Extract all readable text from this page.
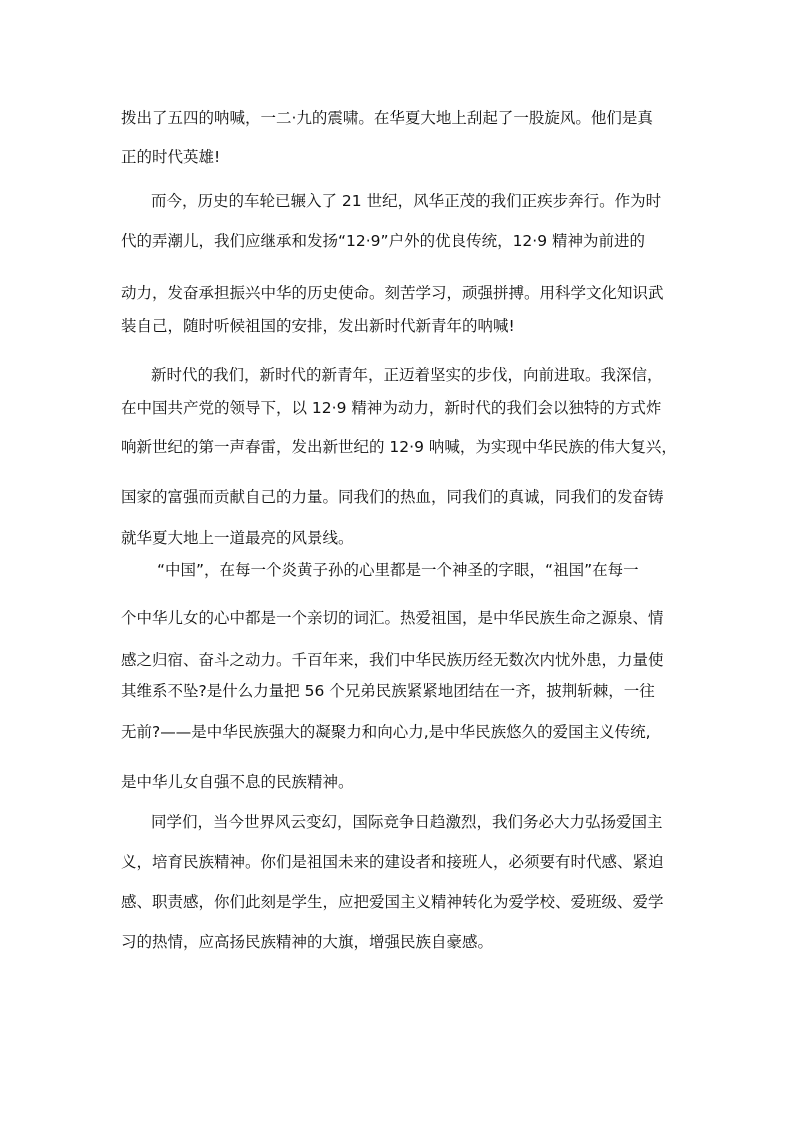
拨出了五四的呐喊，一二·九的震啸。在华夏大地上刮起了一股旋风。他们是真
正的时代英雄!
而今，历史的车轮已辗入了 21 世纪，风华正茂的我们正疾步奔行。作为时
代的弄潮儿，我们应继承和发扬“12·9”户外的优良传统，12·9 精神为前进的
动力，发奋承担振兴中华的历史使命。刻苦学习，顽强拼搏。用科学文化知识武
装自己，随时听候祖国的安排，发出新时代新青年的呐喊!
新时代的我们，新时代的新青年，正迈着坚实的步伐，向前进取。我深信，
在中国共产党的领导下，以 12·9 精神为动力，新时代的我们会以独特的方式炸
响新世纪的第一声春雷，发出新世纪的 12·9 呐喊，为实现中华民族的伟大复兴，
国家的富强而贡献自己的力量。同我们的热血，同我们的真诚，同我们的发奋铸
就华夏大地上一道最亮的风景线。
“中国”，在每一个炎黄子孙的心里都是一个神圣的字眼，“祖国”在每一
个中华儿女的心中都是一个亲切的词汇。热爱祖国，是中华民族生命之源泉、情
感之归宿、奋斗之动力。千百年来，我们中华民族历经无数次内忧外患，力量使
其维系不坠?是什么力量把 56 个兄弟民族紧紧地团结在一齐，披荆斩棘，一往
无前?——是中华民族强大的凝聚力和向心力,是中华民族悠久的爱国主义传统,
是中华儿女自强不息的民族精神。
同学们，当今世界风云变幻，国际竞争日趋激烈，我们务必大力弘扬爱国主
义，培育民族精神。你们是祖国未来的建设者和接班人，必须要有时代感、紧迫
感、职责感，你们此刻是学生，应把爱国主义精神转化为爱学校、爱班级、爱学
习的热情，应高扬民族精神的大旗，增强民族自豪感。
